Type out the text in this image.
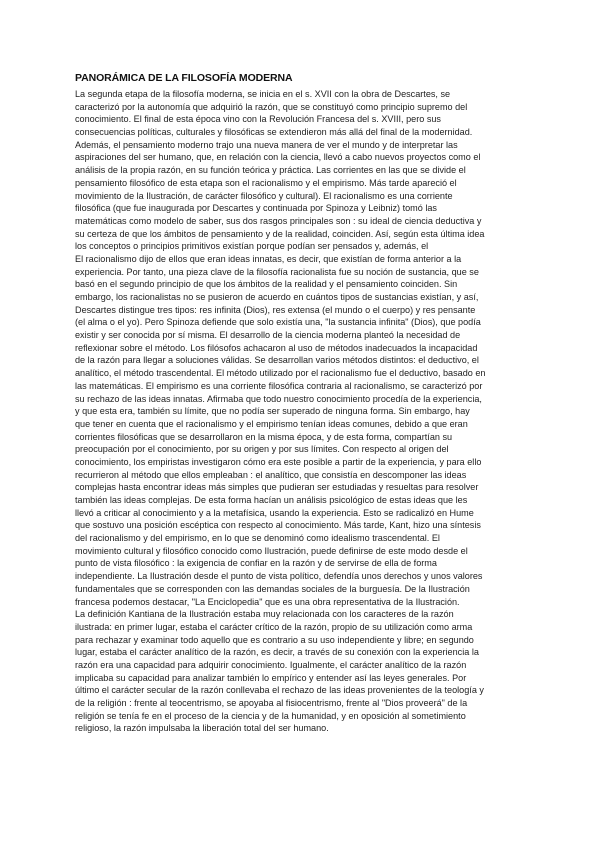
PANORÁMICA DE LA FILOSOFÍA MODERNA
La segunda etapa de la filosofía moderna, se inicia en el s. XVII con la obra de Descartes, se
caracterizó por la autonomía que adquirió la razón, que se constituyó como principio supremo del
conocimiento. El final de esta época vino con la Revolución Francesa del s. XVIII, pero sus
consecuencias políticas, culturales y filosóficas se extendieron más allá del final de la modernidad.
Además, el pensamiento moderno trajo una nueva manera de ver el mundo y de interpretar las
aspiraciones del ser humano, que, en relación con la ciencia, llevó a cabo nuevos proyectos como el
análisis de la propia razón, en su función teórica y práctica. Las corrientes en las que se divide el
pensamiento filosófico de esta etapa son el racionalismo y el empirismo. Más tarde apareció el
movimiento de la Ilustración, de carácter filosófico y cultural). El racionalismo es una corriente
filosófica (que fue inaugurada por Descartes y continuada por Spinoza y Leibniz) tomó las
matemáticas como modelo de saber, sus dos rasgos principales son : su ideal de ciencia deductiva y
su certeza de que los ámbitos de pensamiento y de la realidad, coinciden. Así, según esta última idea
los conceptos o principios primitivos existían porque podían ser pensados y, además, el
El racionalismo dijo de ellos que eran ideas innatas, es decir, que existían de forma anterior a la
experiencia. Por tanto, una pieza clave de la filosofía racionalista fue su noción de sustancia, que se
basó en el segundo principio de que los ámbitos de la realidad y el pensamiento coinciden. Sin
embargo, los racionalistas no se pusieron de acuerdo en cuántos tipos de sustancias existían, y así,
Descartes distingue tres tipos: res infinita (Dios), res extensa (el mundo o el cuerpo) y res pensante
(el alma o el yo). Pero Spinoza defiende que solo existía una, "la sustancia infinita" (Dios), que podía
existir y ser conocida por sí misma. El desarrollo de la ciencia moderna planteó la necesidad de
reflexionar sobre el método. Los filósofos achacaron al uso de métodos inadecuados la incapacidad
de la razón para llegar a soluciones válidas. Se desarrollan varios métodos distintos: el deductivo, el
analítico, el método trascendental. El método utilizado por el racionalismo fue el deductivo, basado en
las matemáticas. El empirismo es una corriente filosófica contraria al racionalismo, se caracterizó por
su rechazo de las ideas innatas. Afirmaba que todo nuestro conocimiento procedía de la experiencia,
y que esta era, también su límite, que no podía ser superado de ninguna forma. Sin embargo, hay
que tener en cuenta que el racionalismo y el empirismo tenían ideas comunes, debido a que eran
corrientes filosóficas que se desarrollaron en la misma época, y de esta forma, compartían su
preocupación por el conocimiento, por su origen y por sus límites. Con respecto al origen del
conocimiento, los empiristas investigaron cómo era este posible a partir de la experiencia, y para ello
recurrieron al método que ellos empleaban : el analítico, que consistía en descomponer las ideas
complejas hasta encontrar ideas más simples que pudieran ser estudiadas y resueltas para resolver
también las ideas complejas. De esta forma hacían un análisis psicológico de estas ideas que les
llevó a criticar al conocimiento y a la metafísica, usando la experiencia. Esto se radicalizó en Hume
que sostuvo una posición escéptica con respecto al conocimiento. Más tarde, Kant, hizo una síntesis
del racionalismo y del empirismo, en lo que se denominó como idealismo trascendental. El
movimiento cultural y filosófico conocido como Ilustración, puede definirse de este modo desde el
punto de vista filosófico : la exigencia de confiar en la razón y de servirse de ella de forma
independiente. La Ilustración desde el punto de vista político, defendía unos derechos y unos valores
fundamentales que se corresponden con las demandas sociales de la burguesía. De la Ilustración
francesa podemos destacar, "La Enciclopedia" que es una obra representativa de la Ilustración.
La definición Kantiana de la Ilustración estaba muy relacionada con los caracteres de la razón
ilustrada: en primer lugar, estaba el carácter crítico de la razón, propio de su utilización como arma
para rechazar y examinar todo aquello que es contrario a su uso independiente y libre; en segundo
lugar, estaba el carácter analítico de la razón, es decir, a través de su conexión con la experiencia la
razón era una capacidad para adquirir conocimiento. Igualmente, el carácter analítico de la razón
implicaba su capacidad para analizar también lo empírico y entender así las leyes generales. Por
último el carácter secular de la razón conllevaba el rechazo de las ideas provenientes de la teología y
de la religión : frente al teocentrismo, se apoyaba al fisiocentrismo, frente al "Dios proveerá" de la
religión se tenía fe en el proceso de la ciencia y de la humanidad, y en oposición al sometimiento
religioso, la razón impulsaba la liberación total del ser humano.
